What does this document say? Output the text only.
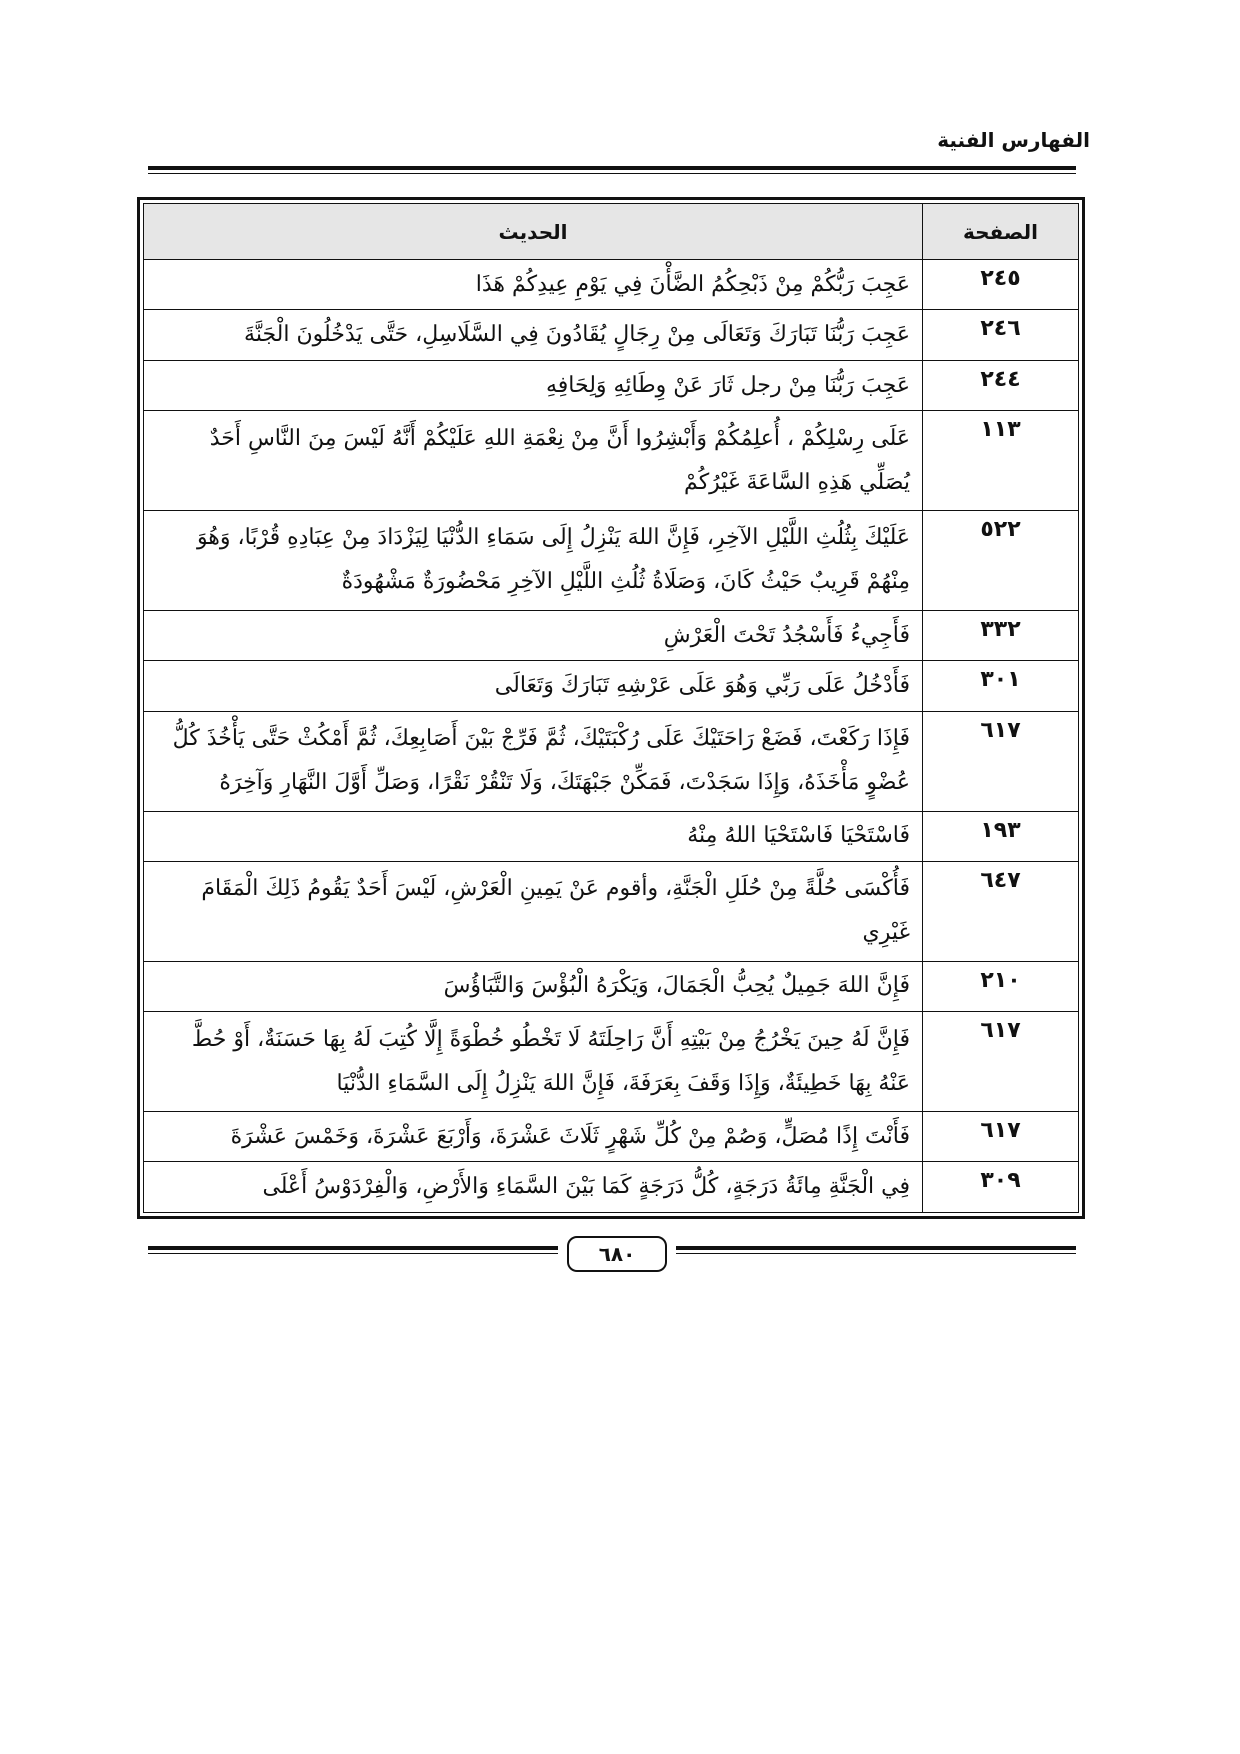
الفهارس الفنية
الصفحة	الحديث
٢٤٥	عَجِبَ رَبُّكُمْ مِنْ ذَبْحِكُمُ الضَّأْنَ فِي يَوْمِ عِيدِكُمْ هَذَا
٢٤٦	عَجِبَ رَبُّنَا تَبَارَكَ وَتَعَالَى مِنْ رِجَالٍ يُقَادُونَ فِي السَّلَاسِلِ، حَتَّى يَدْخُلُونَ الْجَنَّةَ
٢٤٤	عَجِبَ رَبُّنَا مِنْ رجل ثَارَ عَنْ وِطَائِهِ وَلِحَافِهِ
١١٣	عَلَى رِسْلِكُمْ ، أُعلِمُكُمْ وَأَبْشِرُوا أَنَّ مِنْ نِعْمَةِ اللهِ عَلَيْكُمْ أَنَّهُ لَيْسَ مِنَ النَّاسِ أَحَدٌ يُصَلِّي هَذِهِ السَّاعَةَ غَيْرُكُمْ
٥٢٢	عَلَيْكَ بِثُلُثِ اللَّيْلِ الآخِرِ، فَإِنَّ اللهَ يَنْزِلُ إِلَى سَمَاءِ الدُّنْيَا لِيَزْدَادَ مِنْ عِبَادِهِ قُرْبًا، وَهُوَ مِنْهُمْ قَرِيبٌ حَيْثُ كَانَ، وَصَلَاةُ ثُلُثِ اللَّيْلِ الآخِرِ مَحْضُورَةٌ مَشْهُودَةٌ
٣٣٢	فَأَجِيءُ فَأَسْجُدُ تَحْتَ الْعَرْشِ
٣٠١	فَأَدْخُلُ عَلَى رَبِّي وَهُوَ عَلَى عَرْشِهِ تَبَارَكَ وَتَعَالَى
٦١٧	فَإِذَا رَكَعْتَ، فَضَعْ رَاحَتَيْكَ عَلَى رُكْبَتَيْكَ، ثُمَّ فَرِّجْ بَيْنَ أَصَابِعِكَ، ثُمَّ أَمْكُثْ حَتَّى يَأْخُذَ كُلُّ عُضْوٍ مَأْخَذَهُ، وَإِذَا سَجَدْتَ، فَمَكِّنْ جَبْهَتَكَ، وَلَا تَنْقُرْ نَقْرًا، وَصَلِّ أَوَّلَ النَّهَارِ وَآخِرَهُ
١٩٣	فَاسْتَحْيَا فَاسْتَحْيَا اللهُ مِنْهُ
٦٤٧	فَأُكْسَى حُلَّةً مِنْ حُلَلِ الْجَنَّةِ، وأقوم عَنْ يَمِينِ الْعَرْشِ، لَيْسَ أَحَدٌ يَقُومُ ذَلِكَ الْمَقَامَ غَيْرِي
٢١٠	فَإِنَّ اللهَ جَمِيلٌ يُحِبُّ الْجَمَالَ، وَيَكْرَهُ الْبُؤْسَ وَالتَّبَاؤُسَ
٦١٧	فَإِنَّ لَهُ حِينَ يَخْرُجُ مِنْ بَيْتِهِ أَنَّ رَاحِلَتَهُ لَا تَخْطُو خُطْوَةً إِلَّا كُتِبَ لَهُ بِهَا حَسَنَةٌ، أَوْ حُطَّ عَنْهُ بِهَا خَطِيئَةٌ، وَإِذَا وَقَفَ بِعَرَفَةَ، فَإِنَّ اللهَ يَنْزِلُ إِلَى السَّمَاءِ الدُّنْيَا
٦١٧	فَأَنْتَ إِذًا مُصَلٍّ، وَصُمْ مِنْ كُلِّ شَهْرٍ ثَلَاثَ عَشْرَةَ، وَأَرْبَعَ عَشْرَةَ، وَخَمْسَ عَشْرَةَ
٣٠٩	فِي الْجَنَّةِ مِائَةُ دَرَجَةٍ، كُلُّ دَرَجَةٍ كَمَا بَيْنَ السَّمَاءِ وَالأَرْضِ، وَالْفِرْدَوْسُ أَعْلَى
٦٨٠
